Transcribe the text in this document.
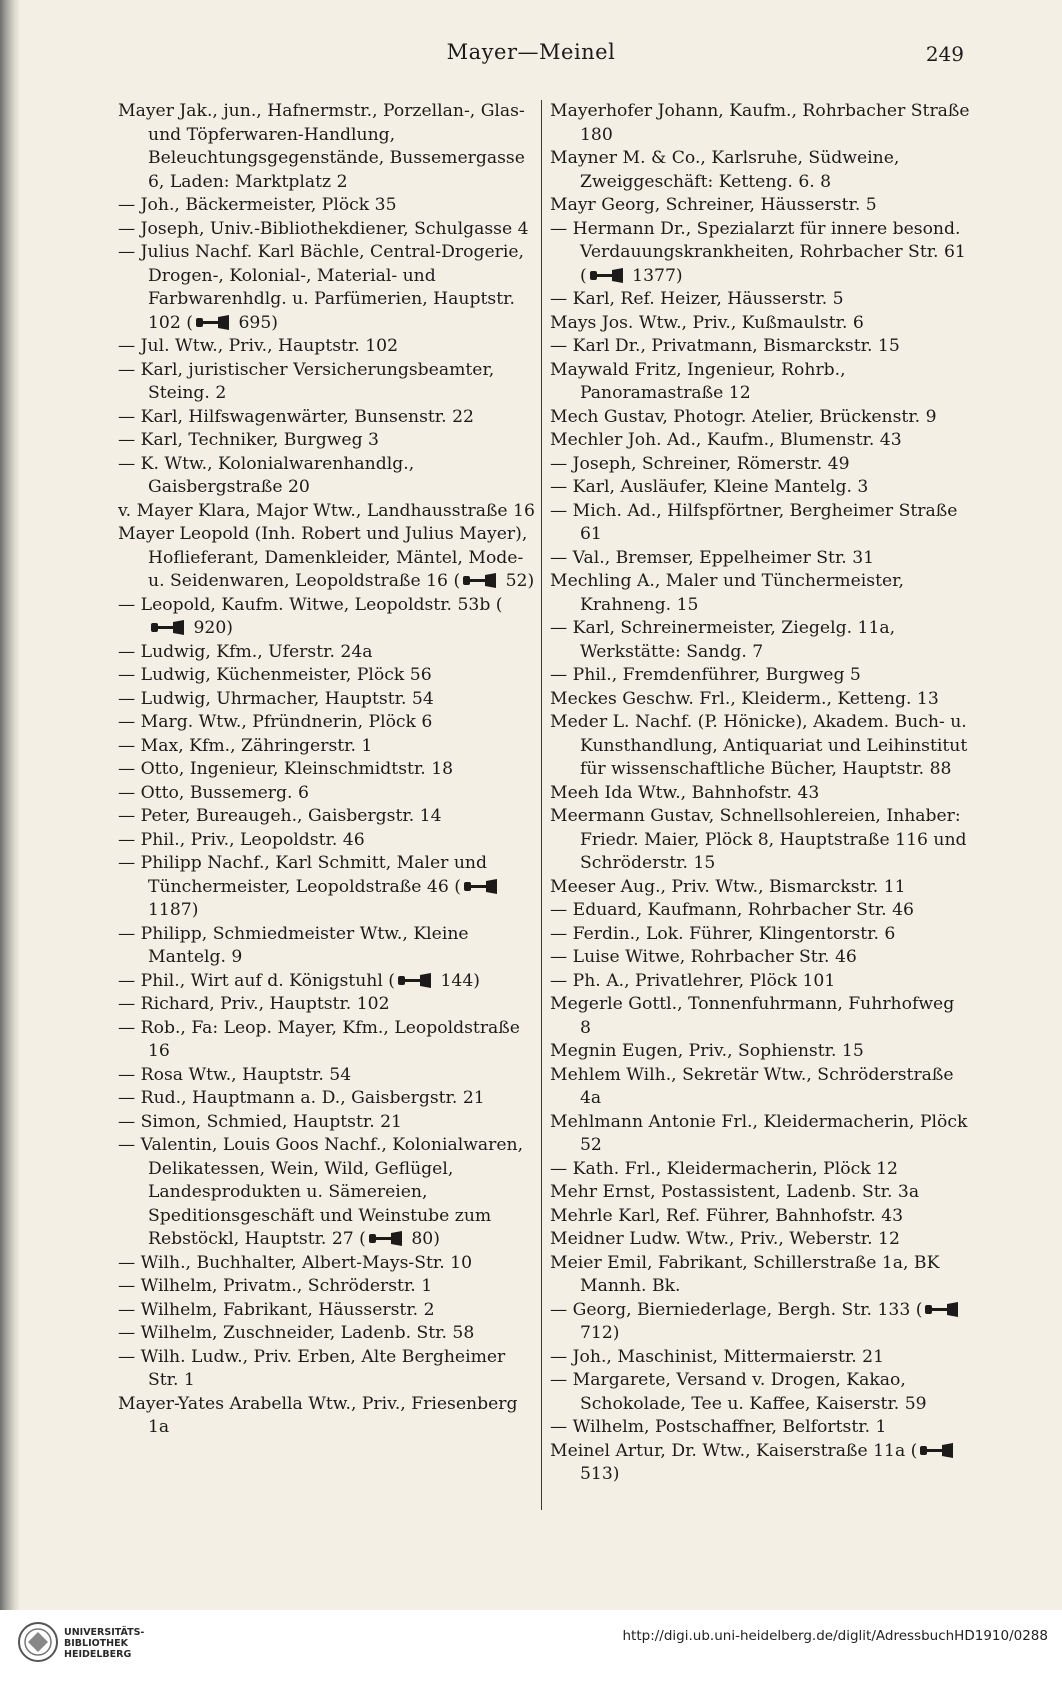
Mayer—Meinel	249
Mayer Jak., jun., Hafnermstr., Porzellan-, Glas- und Töpferwaren-Handlung, Beleuchtungsgegenstände, Bussemergasse 6, Laden: Marktplatz 2
— Joh., Bäckermeister, Plöck 35
— Joseph, Univ.-Bibliothekdiener, Schulgasse 4
— Julius Nachf. Karl Bächle, Central-Drogerie, Drogen-, Kolonial-, Material- und Farbwarenhdlg. u. Parfümerien, Hauptstr. 102 ( 695)
— Jul. Wtw., Priv., Hauptstr. 102
— Karl, juristischer Versicherungsbeamter, Steing. 2
— Karl, Hilfswagenwärter, Bunsenstr. 22
— Karl, Techniker, Burgweg 3
— K. Wtw., Kolonialwarenhandlg., Gaisbergstraße 20
v. Mayer Klara, Major Wtw., Landhausstraße 16
Mayer Leopold (Inh. Robert und Julius Mayer), Hoflieferant, Damenkleider, Mäntel, Mode- u. Seidenwaren, Leopoldstraße 16 ( 52)
— Leopold, Kaufm. Witwe, Leopoldstr. 53b ( 920)
— Ludwig, Kfm., Uferstr. 24a
— Ludwig, Küchenmeister, Plöck 56
— Ludwig, Uhrmacher, Hauptstr. 54
— Marg. Wtw., Pfründnerin, Plöck 6
— Max, Kfm., Zähringerstr. 1
— Otto, Ingenieur, Kleinschmidtstr. 18
— Otto, Bussemerg. 6
— Peter, Bureaugeh., Gaisbergstr. 14
— Phil., Priv., Leopoldstr. 46
— Philipp Nachf., Karl Schmitt, Maler und Tünchermeister, Leopoldstraße 46 ( 1187)
— Philipp, Schmiedmeister Wtw., Kleine Mantelg. 9
— Phil., Wirt auf d. Königstuhl ( 144)
— Richard, Priv., Hauptstr. 102
— Rob., Fa: Leop. Mayer, Kfm., Leopoldstraße 16
— Rosa Wtw., Hauptstr. 54
— Rud., Hauptmann a. D., Gaisbergstr. 21
— Simon, Schmied, Hauptstr. 21
— Valentin, Louis Goos Nachf., Kolonialwaren, Delikatessen, Wein, Wild, Geflügel, Landesprodukten u. Sämereien, Speditionsgeschäft und Weinstube zum Rebstöckl, Hauptstr. 27 ( 80)
— Wilh., Buchhalter, Albert-Mays-Str. 10
— Wilhelm, Privatm., Schröderstr. 1
— Wilhelm, Fabrikant, Häusserstr. 2
— Wilhelm, Zuschneider, Ladenb. Str. 58
— Wilh. Ludw., Priv. Erben, Alte Bergheimer Str. 1
Mayer-Yates Arabella Wtw., Priv., Friesenberg 1a
Mayerhofer Johann, Kaufm., Rohrbacher Straße 180
Mayner M. & Co., Karlsruhe, Südweine, Zweiggeschäft: Ketteng. 6. 8
Mayr Georg, Schreiner, Häusserstr. 5
— Hermann Dr., Spezialarzt für innere besond. Verdauungskrankheiten, Rohrbacher Str. 61 ( 1377)
— Karl, Ref. Heizer, Häusserstr. 5
Mays Jos. Wtw., Priv., Kußmaulstr. 6
— Karl Dr., Privatmann, Bismarckstr. 15
Maywald Fritz, Ingenieur, Rohrb., Panoramastraße 12
Mech Gustav, Photogr. Atelier, Brückenstr. 9
Mechler Joh. Ad., Kaufm., Blumenstr. 43
— Joseph, Schreiner, Römerstr. 49
— Karl, Ausläufer, Kleine Mantelg. 3
— Mich. Ad., Hilfspförtner, Bergheimer Straße 61
— Val., Bremser, Eppelheimer Str. 31
Mechling A., Maler und Tünchermeister, Krahneng. 15
— Karl, Schreinermeister, Ziegelg. 11a, Werkstätte: Sandg. 7
— Phil., Fremdenführer, Burgweg 5
Meckes Geschw. Frl., Kleiderm., Ketteng. 13
Meder L. Nachf. (P. Hönicke), Akadem. Buch- u. Kunsthandlung, Antiquariat und Leihinstitut für wissenschaftliche Bücher, Hauptstr. 88
Meeh Ida Wtw., Bahnhofstr. 43
Meermann Gustav, Schnellsohlereien, Inhaber: Friedr. Maier, Plöck 8, Hauptstraße 116 und Schröderstr. 15
Meeser Aug., Priv. Wtw., Bismarckstr. 11
— Eduard, Kaufmann, Rohrbacher Str. 46
— Ferdin., Lok. Führer, Klingentorstr. 6
— Luise Witwe, Rohrbacher Str. 46
— Ph. A., Privatlehrer, Plöck 101
Megerle Gottl., Tonnenfuhrmann, Fuhrhofweg 8
Megnin Eugen, Priv., Sophienstr. 15
Mehlem Wilh., Sekretär Wtw., Schröderstraße 4a
Mehlmann Antonie Frl., Kleidermacherin, Plöck 52
— Kath. Frl., Kleidermacherin, Plöck 12
Mehr Ernst, Postassistent, Ladenb. Str. 3a
Mehrle Karl, Ref. Führer, Bahnhofstr. 43
Meidner Ludw. Wtw., Priv., Weberstr. 12
Meier Emil, Fabrikant, Schillerstraße 1a, BK Mannh. Bk.
— Georg, Bierniederlage, Bergh. Str. 133 ( 712)
— Joh., Maschinist, Mittermaierstr. 21
— Margarete, Versand v. Drogen, Kakao, Schokolade, Tee u. Kaffee, Kaiserstr. 59
— Wilhelm, Postschaffner, Belfortstr. 1
Meinel Artur, Dr. Wtw., Kaiserstraße 11a ( 513)
UNIVERSITÄTS-
BIBLIOTHEK
HEIDELBERG
http://digi.ub.uni-heidelberg.de/diglit/AdressbuchHD1910/0288
